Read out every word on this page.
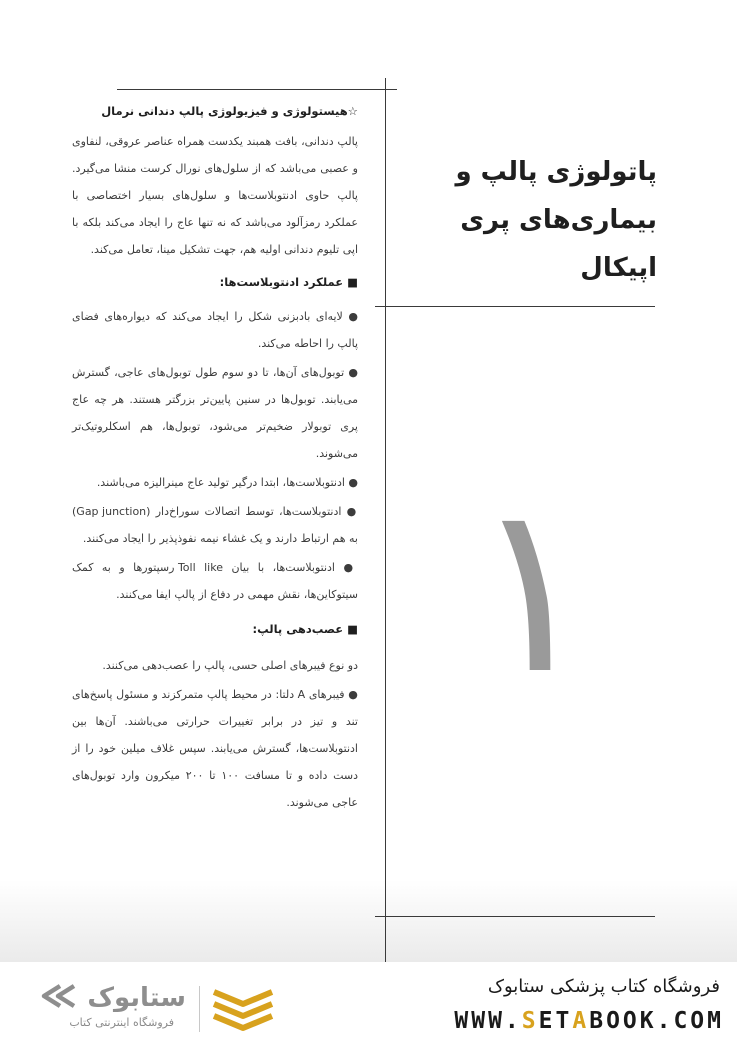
پاتولوژی پالپ و
بیماری‌های پری اپیکال
۱

☆هیستولوژی و فیزیولوژی پالپ دندانی نرمال

پالپ دندانی، بافت همبند یکدست همراه عناصر عروقی، لنفاوی و عصبی می‌باشد که از سلول‌های نورال کرست منشا می‌گیرد. پالپ حاوی ادنتوبلاست‌ها و سلول‌های بسیار اختصاصی با عملکرد رمزآلود می‌باشد که نه تنها عاج را ایجاد می‌کند بلکه با اپی تلیوم دندانی اولیه هم، جهت تشکیل مینا، تعامل می‌کند.

■ عملکرد ادنتوبلاست‌ها:

● لایه‌ای بادبزنی شکل را ایجاد می‌کند که دیواره‌های فضای پالپ را احاطه می‌کند.

● توبول‌های آن‌ها، تا دو سوم طول توبول‌های عاجی، گسترش می‌یابند. توبول‌ها در سنین پایین‌تر بزرگتر هستند. هر چه عاج پری توبولار ضخیم‌تر می‌شود، توبول‌ها، هم اسکلروتیک‌تر می‌شوند.

● ادنتوبلاست‌ها، ابتدا درگیر تولید عاج مینرالیزه می‌باشند.

● ادنتوبلاست‌ها، توسط اتصالات سوراخ‌دار (Gap junction) به هم ارتباط دارند و یک غشاء نیمه نفوذپذیر را ایجاد می‌کنند.

● ادنتوبلاست‌ها، با بیان Toll like رسپتورها و به کمک سیتوکاین‌ها، نقش مهمی در دفاع از پالپ ایفا می‌کنند.

■ عصب‌دهی پالپ:

دو نوع فیبرهای اصلی حسی، پالپ را عصب‌دهی می‌کنند.

● فیبرهای A دلتا: در محیط پالپ متمرکزند و مسئول پاسخ‌های تند و تیز در برابر تغییرات حرارتی می‌باشند. آن‌ها بین ادنتوبلاست‌ها، گسترش می‌یابند. سپس غلاف میلین خود را از دست داده و تا مسافت ۱۰۰ تا ۲۰۰ میکرون وارد توبول‌های عاجی می‌شوند.

ستابوک
فروشگاه اینترنتی کتاب
فروشگاه کتاب پزشکی ستابوک
WWW.SETABOOK.COM
